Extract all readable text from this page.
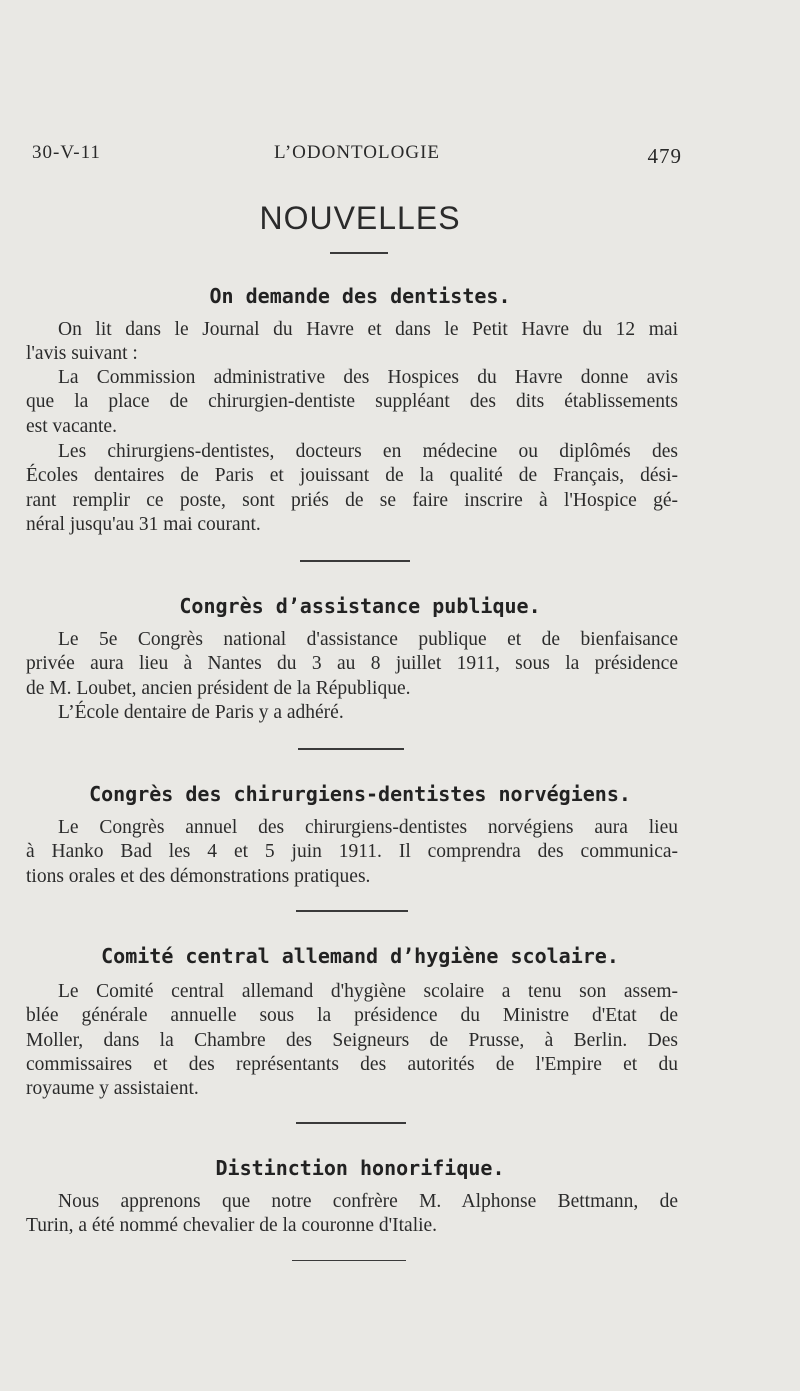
30-V-11	L’ODONTOLOGIE	479
NOUVELLES
On demande des dentistes.
On lit dans le Journal du Havre et dans le Petit Havre du 12 mai
l'avis suivant :
La Commission administrative des Hospices du Havre donne avis
que la place de chirurgien-dentiste suppléant des dits établissements
est vacante.
Les chirurgiens-dentistes, docteurs en médecine ou diplômés des
Écoles dentaires de Paris et jouissant de la qualité de Français, dési-
rant remplir ce poste, sont priés de se faire inscrire à l'Hospice gé-
néral jusqu'au 31 mai courant.
Congrès d’assistance publique.
Le 5e Congrès national d'assistance publique et de bienfaisance
privée aura lieu à Nantes du 3 au 8 juillet 1911, sous la présidence
de M. Loubet, ancien président de la République.
L’École dentaire de Paris y a adhéré.
Congrès des chirurgiens-dentistes norvégiens.
Le Congrès annuel des chirurgiens-dentistes norvégiens aura lieu
à Hanko Bad les 4 et 5 juin 1911. Il comprendra des communica-
tions orales et des démonstrations pratiques.
Comité central allemand d’hygiène scolaire.
Le Comité central allemand d'hygiène scolaire a tenu son assem-
blée générale annuelle sous la présidence du Ministre d'Etat de
Moller, dans la Chambre des Seigneurs de Prusse, à Berlin. Des
commissaires et des représentants des autorités de l'Empire et du
royaume y assistaient.
Distinction honorifique.
Nous apprenons que notre confrère M. Alphonse Bettmann, de
Turin, a été nommé chevalier de la couronne d'Italie.
